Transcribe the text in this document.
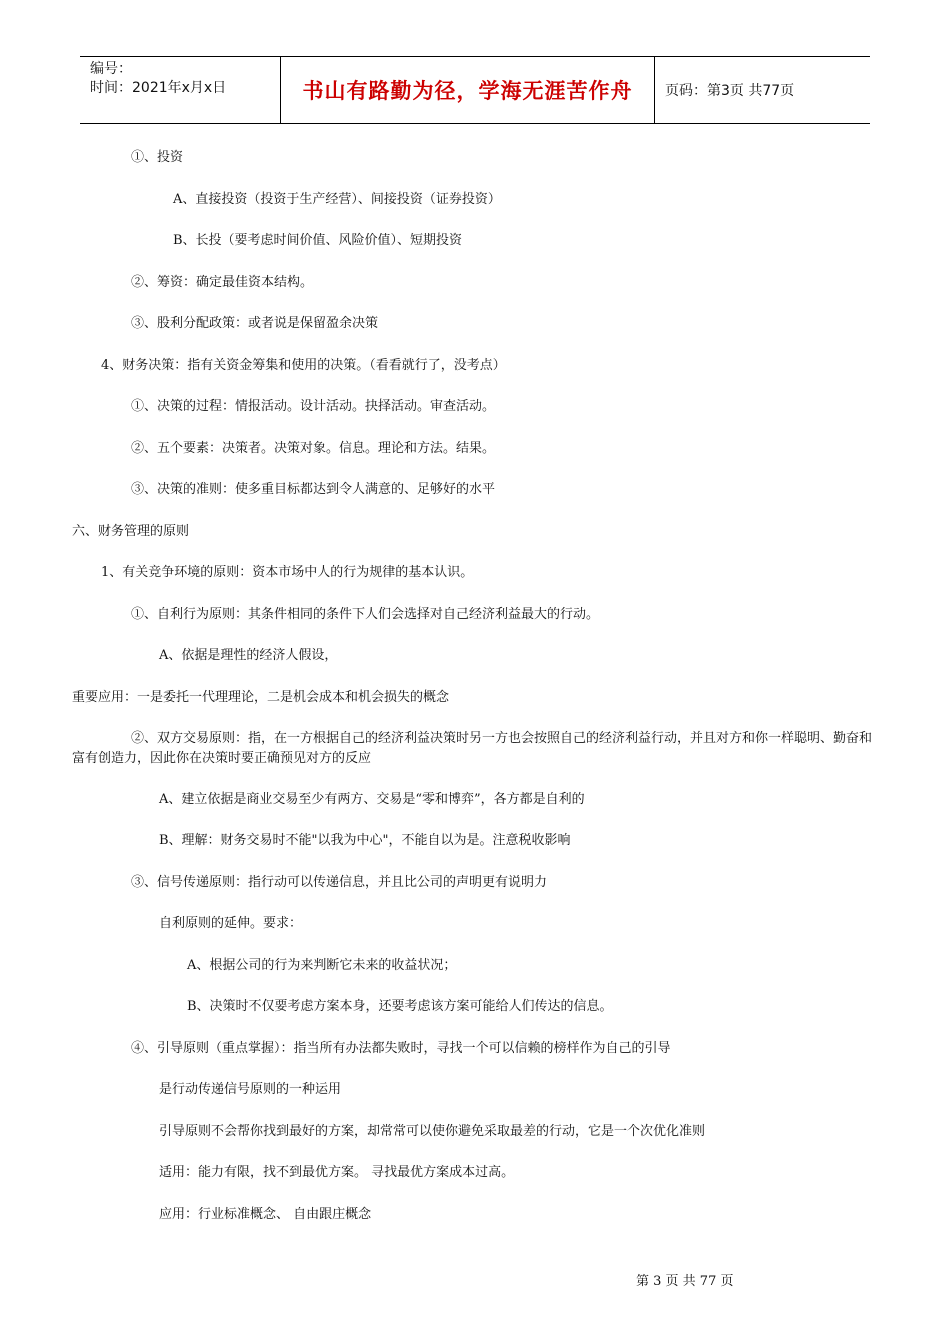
编号：
时间：2021年x月x日	书山有路勤为径，学海无涯苦作舟	页码：第3页 共77页
①、投资
A、直接投资（投资于生产经营）、间接投资（证券投资）
B、长投（要考虑时间价值、风险价值）、短期投资
②、筹资：确定最佳资本结构。
③、股利分配政策：或者说是保留盈余决策
4、财务决策：指有关资金筹集和使用的决策。（看看就行了，没考点）
①、决策的过程：情报活动。设计活动。抉择活动。审查活动。
②、五个要素：决策者。决策对象。信息。理论和方法。结果。
③、决策的准则：使多重目标都达到令人满意的、足够好的水平
六、财务管理的原则
1、有关竞争环境的原则：资本市场中人的行为规律的基本认识。
①、自利行为原则：其条件相同的条件下人们会选择对自己经济利益最大的行动。
A、依据是理性的经济人假设，
重要应用：一是委托一代理理论，二是机会成本和机会损失的概念
②、双方交易原则：指，在一方根据自己的经济利益决策时另一方也会按照自己的经济利益行动，并且对方和你一样聪明、勤奋和富有创造力，因此你在决策时要正确预见对方的反应
A、建立依据是商业交易至少有两方、交易是“零和博弈”，各方都是自利的
B、理解：财务交易时不能"以我为中心"，不能自以为是。注意税收影响
③、信号传递原则：指行动可以传递信息，并且比公司的声明更有说明力
自利原则的延伸。要求：
A、根据公司的行为来判断它未来的收益状况；
B、决策时不仅要考虑方案本身，还要考虑该方案可能给人们传达的信息。
④、引导原则（重点掌握）：指当所有办法都失败时，寻找一个可以信赖的榜样作为自己的引导
是行动传递信号原则的一种运用
引导原则不会帮你找到最好的方案，却常常可以使你避免采取最差的行动，它是一个次优化准则
适用：能力有限，找不到最优方案。 寻找最优方案成本过高。
应用：行业标准概念、 自由跟庄概念
第 3 页 共 77 页
